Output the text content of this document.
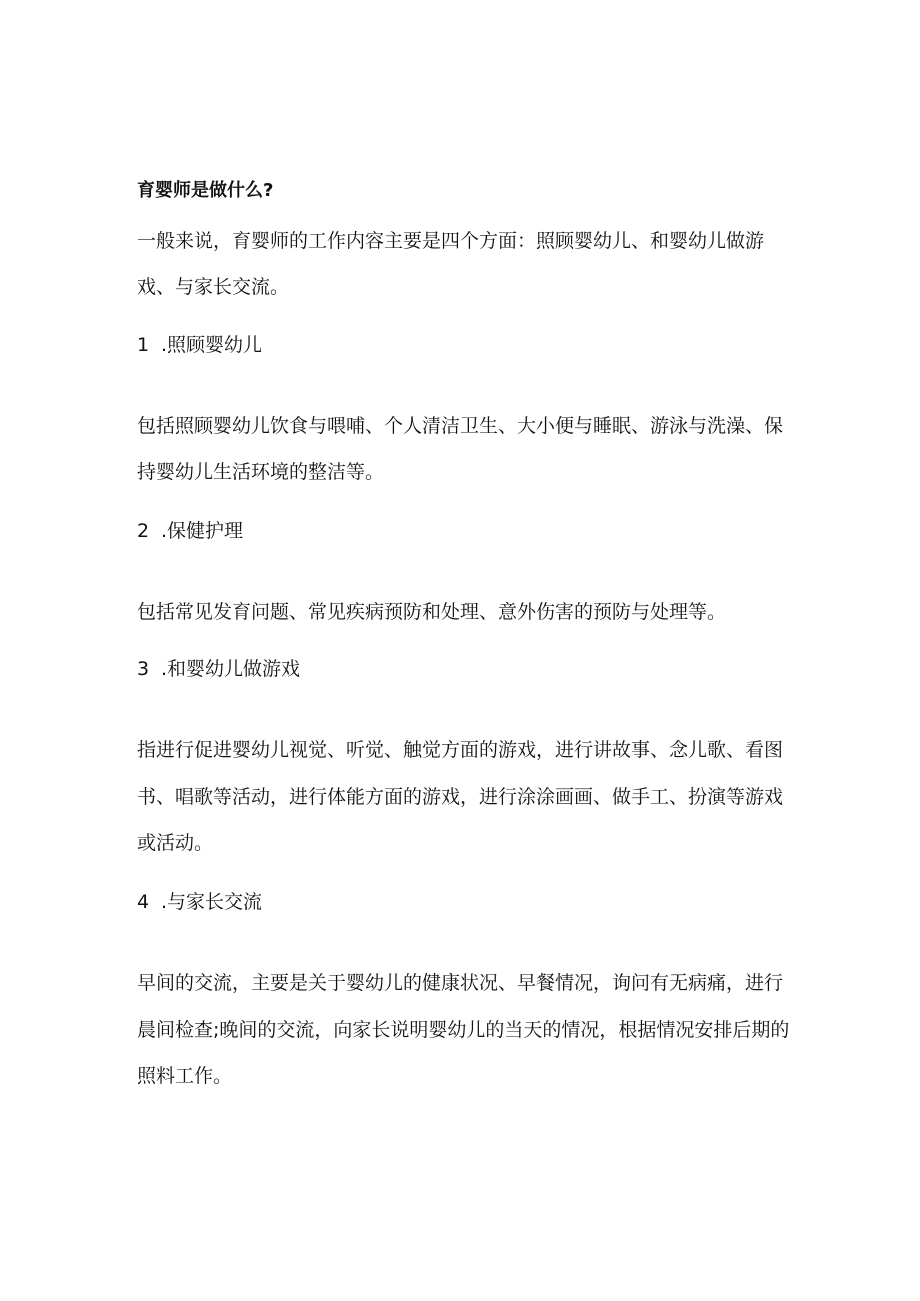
育婴师是做什么?
一般来说，育婴师的工作内容主要是四个方面：照顾婴幼儿、和婴幼儿做游
戏、与家长交流。
1 .照顾婴幼儿
包括照顾婴幼儿饮食与喂哺、个人清洁卫生、大小便与睡眠、游泳与洗澡、保
持婴幼儿生活环境的整洁等。
2 .保健护理
包括常见发育问题、常见疾病预防和处理、意外伤害的预防与处理等。
3 .和婴幼儿做游戏
指进行促进婴幼儿视觉、听觉、触觉方面的游戏，进行讲故事、念儿歌、看图
书、唱歌等活动，进行体能方面的游戏，进行涂涂画画、做手工、扮演等游戏
或活动。
4 .与家长交流
早间的交流，主要是关于婴幼儿的健康状况、早餐情况，询问有无病痛，进行
晨间检查;晚间的交流，向家长说明婴幼儿的当天的情况，根据情况安排后期的
照料工作。
